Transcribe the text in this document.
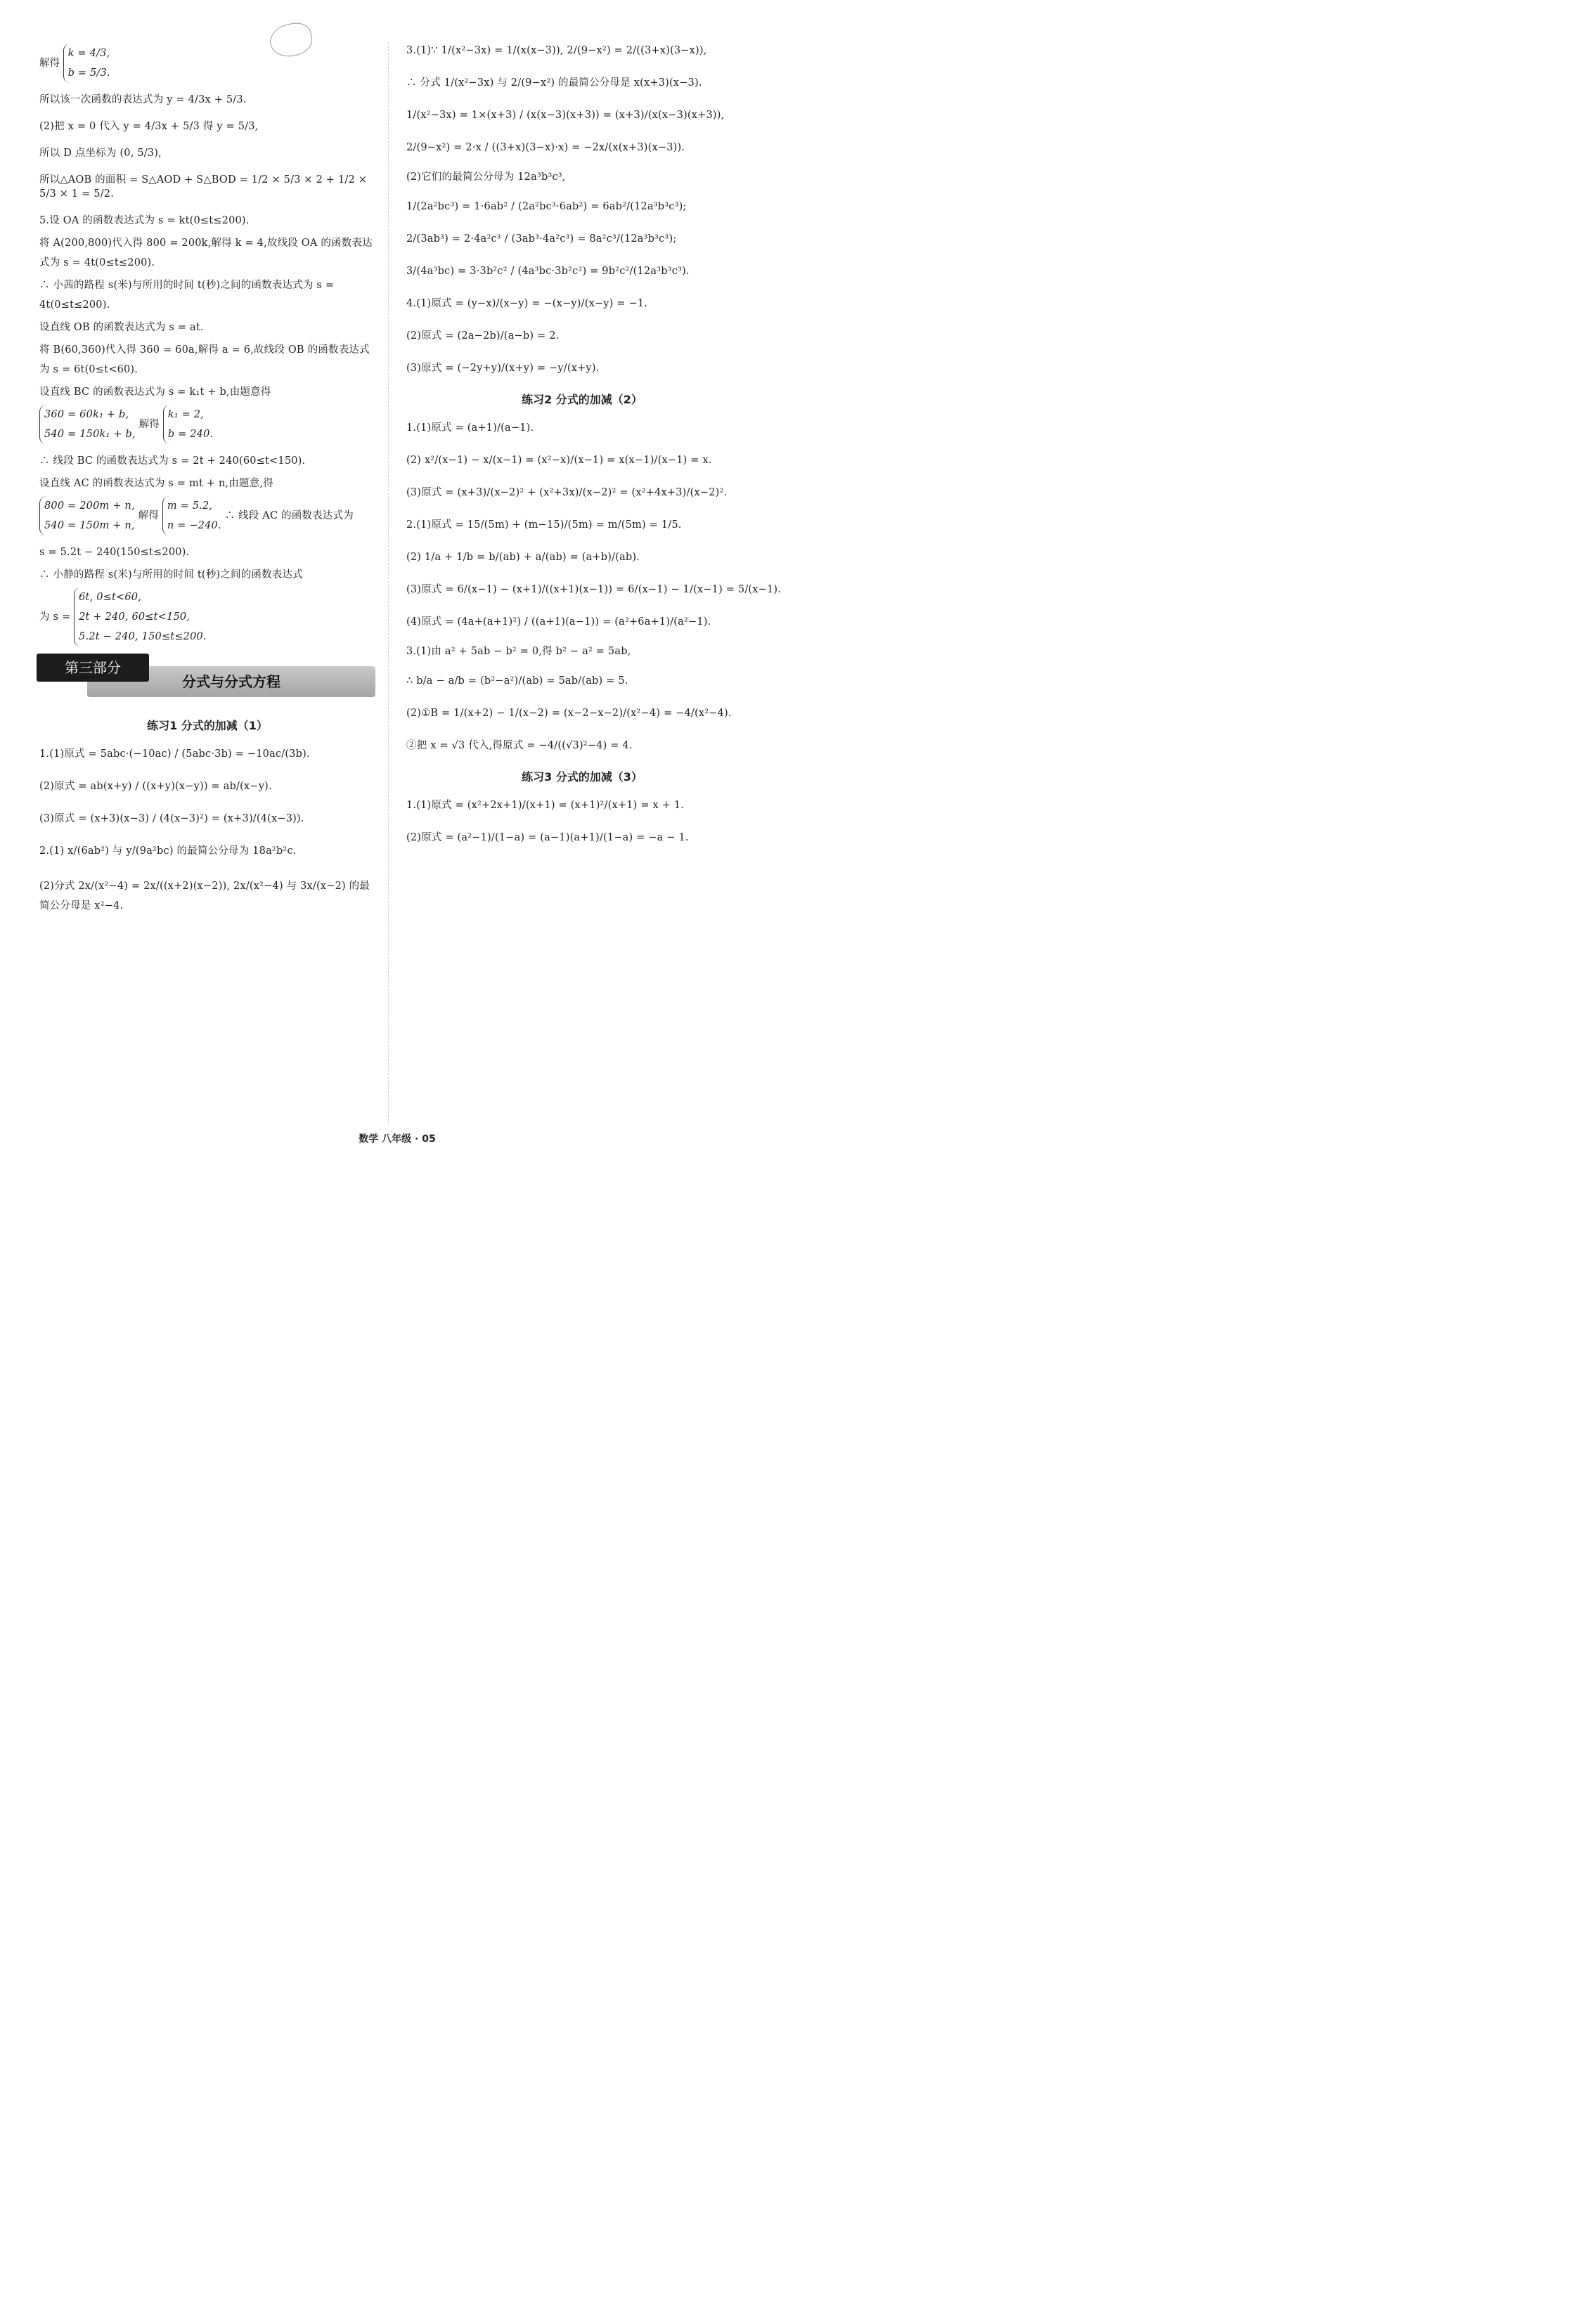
解得
k = 4/3,
b = 5/3.
所以该一次函数的表达式为 y = 4/3x + 5/3.
(2)把 x = 0 代入 y = 4/3x + 5/3 得 y = 5/3,
所以 D 点坐标为 (0, 5/3),
所以△AOB 的面积 = S△AOD + S△BOD = 1/2 × 5/3 × 2 + 1/2 × 5/3 × 1 = 5/2.
5.设 OA 的函数表达式为 s = kt(0≤t≤200).
将 A(200,800)代入得 800 = 200k,解得 k = 4,故线段 OA 的函数表达式为 s = 4t(0≤t≤200).
∴ 小茜的路程 s(米)与所用的时间 t(秒)之间的函数表达式为 s = 4t(0≤t≤200).
设直线 OB 的函数表达式为 s = at.
将 B(60,360)代入得 360 = 60a,解得 a = 6,故线段 OB 的函数表达式为 s = 6t(0≤t<60).
设直线 BC 的函数表达式为 s = k₁t + b,由题意得
360 = 60k₁ + b,
540 = 150k₁ + b,
解得
k₁ = 2,
b = 240.
∴ 线段 BC 的函数表达式为 s = 2t + 240(60≤t<150).
设直线 AC 的函数表达式为 s = mt + n,由题意,得
800 = 200m + n,
540 = 150m + n,
解得
m = 5.2,
n = −240.
∴ 线段 AC 的函数表达式为
s = 5.2t − 240(150≤t≤200).
∴ 小静的路程 s(米)与所用的时间 t(秒)之间的函数表达式
为 s =
6t, 0≤t<60,
2t + 240, 60≤t<150,
5.2t − 240, 150≤t≤200.
分式与分式方程
第三部分
练习1 分式的加减（1）
1.(1)原式 = 5abc·(−10ac) / (5abc·3b) = −10ac/(3b).
(2)原式 = ab(x+y) / ((x+y)(x−y)) = ab/(x−y).
(3)原式 = (x+3)(x−3) / (4(x−3)²) = (x+3)/(4(x−3)).
2.(1) x/(6ab²) 与 y/(9a²bc) 的最简公分母为 18a²b²c.
(2)分式 2x/(x²−4) = 2x/((x+2)(x−2)), 2x/(x²−4) 与 3x/(x−2) 的最简公分母是 x²−4.
3.(1)∵ 1/(x²−3x) = 1/(x(x−3)), 2/(9−x²) = 2/((3+x)(3−x)),
∴ 分式 1/(x²−3x) 与 2/(9−x²) 的最简公分母是 x(x+3)(x−3).
1/(x²−3x) = 1×(x+3) / (x(x−3)(x+3)) = (x+3)/(x(x−3)(x+3)),
2/(9−x²) = 2·x / ((3+x)(3−x)·x) = −2x/(x(x+3)(x−3)).
(2)它们的最简公分母为 12a³b³c³,
1/(2a²bc³) = 1·6ab² / (2a²bc³·6ab²) = 6ab²/(12a³b³c³);
2/(3ab³) = 2·4a²c³ / (3ab³·4a²c³) = 8a²c³/(12a³b³c³);
3/(4a³bc) = 3·3b²c² / (4a³bc·3b²c²) = 9b²c²/(12a³b³c³).
4.(1)原式 = (y−x)/(x−y) = −(x−y)/(x−y) = −1.
(2)原式 = (2a−2b)/(a−b) = 2.
(3)原式 = (−2y+y)/(x+y) = −y/(x+y).
练习2 分式的加减（2）
1.(1)原式 = (a+1)/(a−1).
(2) x²/(x−1) − x/(x−1) = (x²−x)/(x−1) = x(x−1)/(x−1) = x.
(3)原式 = (x+3)/(x−2)² + (x²+3x)/(x−2)² = (x²+4x+3)/(x−2)².
2.(1)原式 = 15/(5m) + (m−15)/(5m) = m/(5m) = 1/5.
(2) 1/a + 1/b = b/(ab) + a/(ab) = (a+b)/(ab).
(3)原式 = 6/(x−1) − (x+1)/((x+1)(x−1)) = 6/(x−1) − 1/(x−1) = 5/(x−1).
(4)原式 = (4a+(a+1)²) / ((a+1)(a−1)) = (a²+6a+1)/(a²−1).
3.(1)由 a² + 5ab − b² = 0,得 b² − a² = 5ab,
∴ b/a − a/b = (b²−a²)/(ab) = 5ab/(ab) = 5.
(2)①B = 1/(x+2) − 1/(x−2) = (x−2−x−2)/(x²−4) = −4/(x²−4).
②把 x = √3 代入,得原式 = −4/((√3)²−4) = 4.
练习3 分式的加减（3）
1.(1)原式 = (x²+2x+1)/(x+1) = (x+1)²/(x+1) = x + 1.
(2)原式 = (a²−1)/(1−a) = (a−1)(a+1)/(1−a) = −a − 1.
数学 八年级 · 05
